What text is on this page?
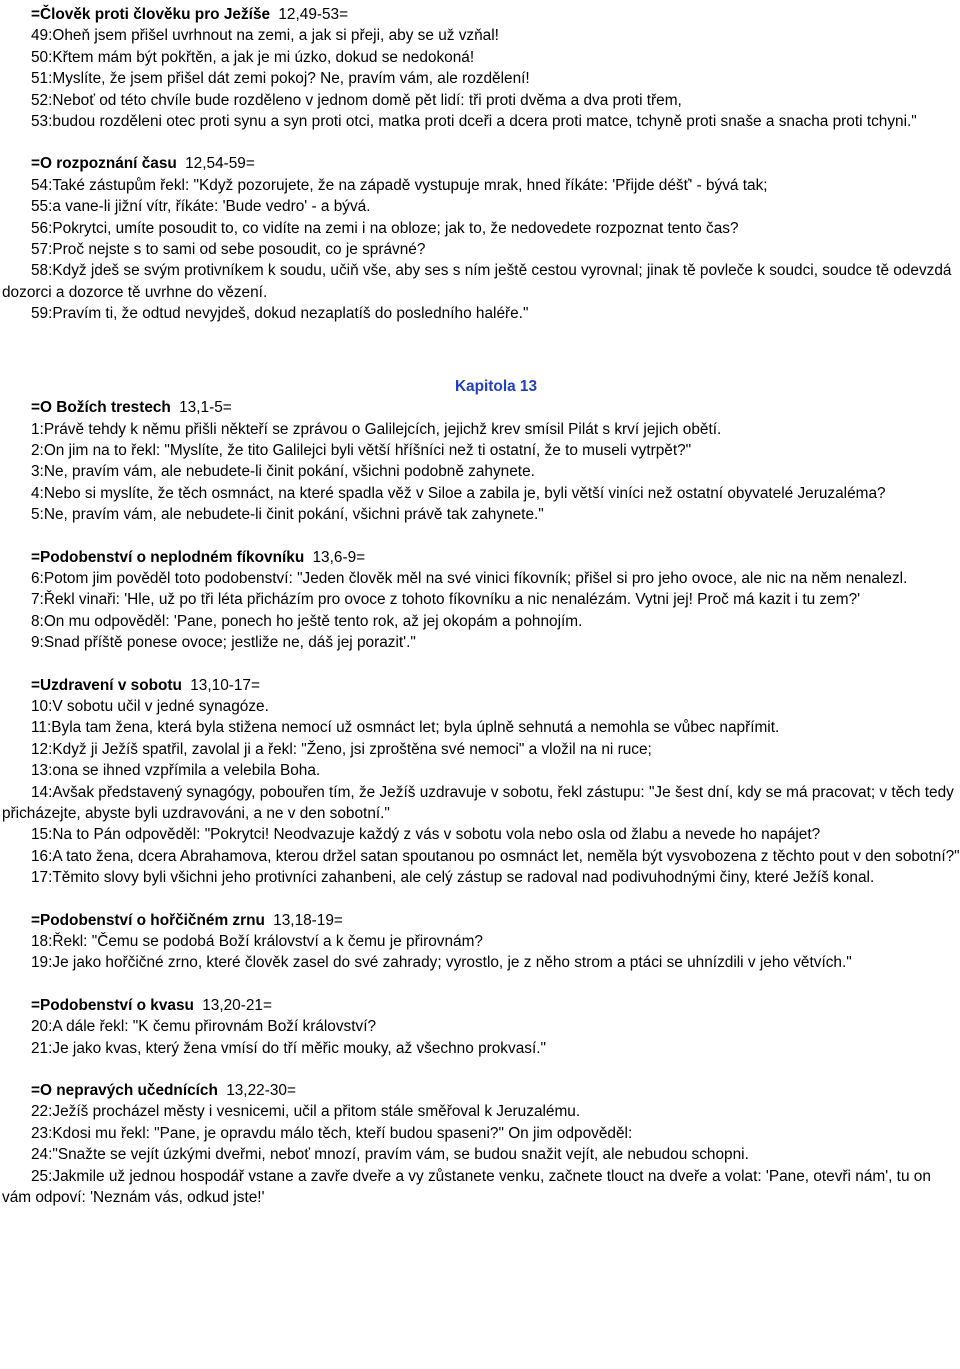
=Člověk proti člověku pro Ježíše 12,49-53=
49:Oheň jsem přišel uvrhnout na zemi, a jak si přeji, aby se už vzňal!
50:Křtem mám být pokřtěn, a jak je mi úzko, dokud se nedokoná!
51:Myslíte, že jsem přišel dát zemi pokoj? Ne, pravím vám, ale rozdělení!
52:Neboť od této chvíle bude rozděleno v jednom domě pět lidí: tři proti dvěma a dva proti třem,
53:budou rozděleni otec proti synu a syn proti otci, matka proti dceři a dcera proti matce, tchyně proti snaše a snacha proti tchyni."
=O rozpoznání času 12,54-59=
54:Také zástupům řekl: "Když pozorujete, že na západě vystupuje mrak, hned říkáte: 'Přijde déšť' - bývá tak;
55:a vane-li jižní vítr, říkáte: 'Bude vedro' - a bývá.
56:Pokrytci, umíte posoudit to, co vidíte na zemi i na obloze; jak to, že nedovedete rozpoznat tento čas?
57:Proč nejste s to sami od sebe posoudit, co je správné?
58:Když jdeš se svým protivníkem k soudu, učiň vše, aby ses s ním ještě cestou vyrovnal; jinak tě povleče k soudci, soudce tě odevzdá dozorci a dozorce tě uvrhne do vězení.
59:Pravím ti, že odtud nevyjdeš, dokud nezaplatíš do posledního haléře."
Kapitola 13
=O Božích trestech 13,1-5=
1:Právě tehdy k němu přišli někteří se zprávou o Galilejcích, jejichž krev smísil Pilát s krví jejich obětí.
2:On jim na to řekl: "Myslíte, že tito Galilejci byli větší hříšníci než ti ostatní, že to museli vytrpět?"
3:Ne, pravím vám, ale nebudete-li činit pokání, všichni podobně zahynete.
4:Nebo si myslíte, že těch osmnáct, na které spadla věž v Siloe a zabila je, byli větší viníci než ostatní obyvatelé Jeruzaléma?
5:Ne, pravím vám, ale nebudete-li činit pokání, všichni právě tak zahynete."
=Podobenství o neplodném fíkovníku 13,6-9=
6:Potom jim pověděl toto podobenství: "Jeden člověk měl na své vinici fíkovník; přišel si pro jeho ovoce, ale nic na něm nenalezl.
7:Řekl vinaři: 'Hle, už po tři léta přicházím pro ovoce z tohoto fíkovníku a nic nenalézám. Vytni jej! Proč má kazit i tu zem?'
8:On mu odpověděl: 'Pane, ponech ho ještě tento rok, až jej okopám a pohnojím.
9:Snad příště ponese ovoce; jestliže ne, dáš jej porazit'."
=Uzdravení v sobotu 13,10-17=
10:V sobotu učil v jedné synagóze.
11:Byla tam žena, která byla stižena nemocí už osmnáct let; byla úplně sehnutá a nemohla se vůbec napřímit.
12:Když ji Ježíš spatřil, zavolal ji a řekl: "Ženo, jsi zproštěna své nemoci" a vložil na ni ruce;
13:ona se ihned vzpřímila a velebila Boha.
14:Avšak představený synagógy, pobouřen tím, že Ježíš uzdravuje v sobotu, řekl zástupu: "Je šest dní, kdy se má pracovat; v těch tedy přicházejte, abyste byli uzdravováni, a ne v den sobotní."
15:Na to Pán odpověděl: "Pokrytci! Neodvazuje každý z vás v sobotu vola nebo osla od žlabu a nevede ho napájet?
16:A tato žena, dcera Abrahamova, kterou držel satan spoutanou po osmnáct let, neměla být vysvobozena z těchto pout v den sobotní?"
17:Těmito slovy byli všichni jeho protivníci zahanbeni, ale celý zástup se radoval nad podivuhodnými činy, které Ježíš konal.
=Podobenství o hořčičném zrnu 13,18-19=
18:Řekl: "Čemu se podobá Boží království a k čemu je přirovnám?
19:Je jako hořčičné zrno, které člověk zasel do své zahrady; vyrostlo, je z něho strom a ptáci se uhnízdili v jeho větvích."
=Podobenství o kvasu 13,20-21=
20:A dále řekl: "K čemu přirovnám Boží království?
21:Je jako kvas, který žena vmísí do tří měřic mouky, až všechno prokvasí."
=O nepravých učednících 13,22-30=
22:Ježíš procházel městy i vesnicemi, učil a přitom stále směřoval k Jeruzalému.
23:Kdosi mu řekl: "Pane, je opravdu málo těch, kteří budou spaseni?" On jim odpověděl:
24:"Snažte se vejít úzkými dveřmi, neboť mnozí, pravím vám, se budou snažit vejít, ale nebudou schopni.
25:Jakmile už jednou hospodář vstane a zavře dveře a vy zůstanete venku, začnete tlouct na dveře a volat: 'Pane, otevři nám', tu on vám odpoví: 'Neznám vás, odkud jste!'
